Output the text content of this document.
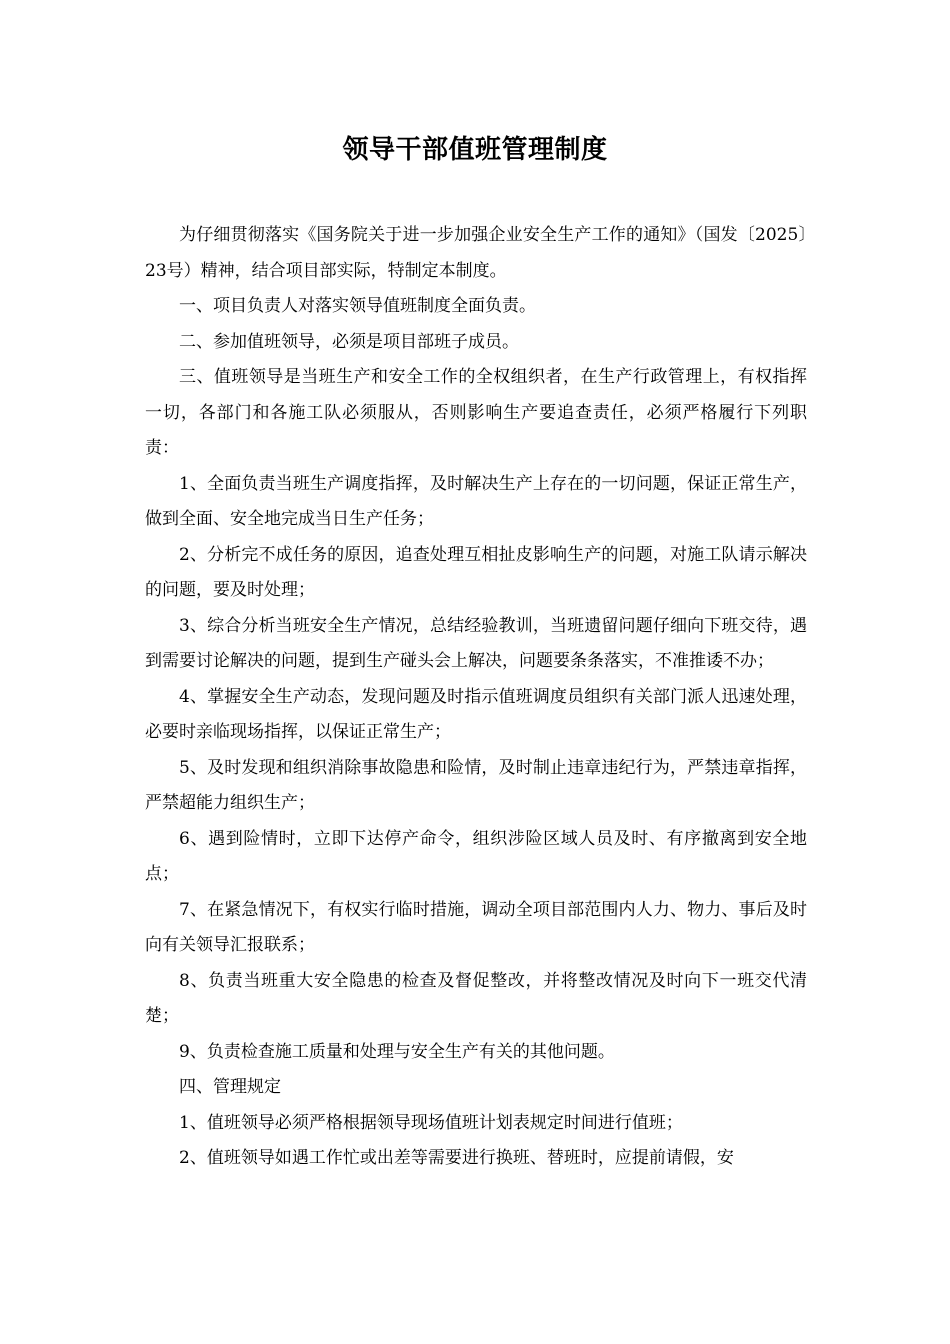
领导干部值班管理制度

为仔细贯彻落实《国务院关于进一步加强企业安全生产工作的通知》（国发〔2025〕23号）精神，结合项目部实际，特制定本制度。

一、项目负责人对落实领导值班制度全面负责。

二、参加值班领导，必须是项目部班子成员。

三、值班领导是当班生产和安全工作的全权组织者，在生产行政管理上，有权指挥一切，各部门和各施工队必须服从，否则影响生产要追查责任，必须严格履行下列职责：

1、全面负责当班生产调度指挥，及时解决生产上存在的一切问题，保证正常生产，做到全面、安全地完成当日生产任务；

2、分析完不成任务的原因，追查处理互相扯皮影响生产的问题，对施工队请示解决的问题，要及时处理；

3、综合分析当班安全生产情况，总结经验教训，当班遗留问题仔细向下班交待，遇到需要讨论解决的问题，提到生产碰头会上解决，问题要条条落实，不准推诿不办；

4、掌握安全生产动态，发现问题及时指示值班调度员组织有关部门派人迅速处理，必要时亲临现场指挥，以保证正常生产；

5、及时发现和组织消除事故隐患和险情，及时制止违章违纪行为，严禁违章指挥，严禁超能力组织生产；

6、遇到险情时，立即下达停产命令，组织涉险区域人员及时、有序撤离到安全地点；

7、在紧急情况下，有权实行临时措施，调动全项目部范围内人力、物力、事后及时向有关领导汇报联系；

8、负责当班重大安全隐患的检查及督促整改，并将整改情况及时向下一班交代清楚；

9、负责检查施工质量和处理与安全生产有关的其他问题。

四、管理规定

1、值班领导必须严格根据领导现场值班计划表规定时间进行值班；

2、值班领导如遇工作忙或出差等需要进行换班、替班时，应提前请假，安
